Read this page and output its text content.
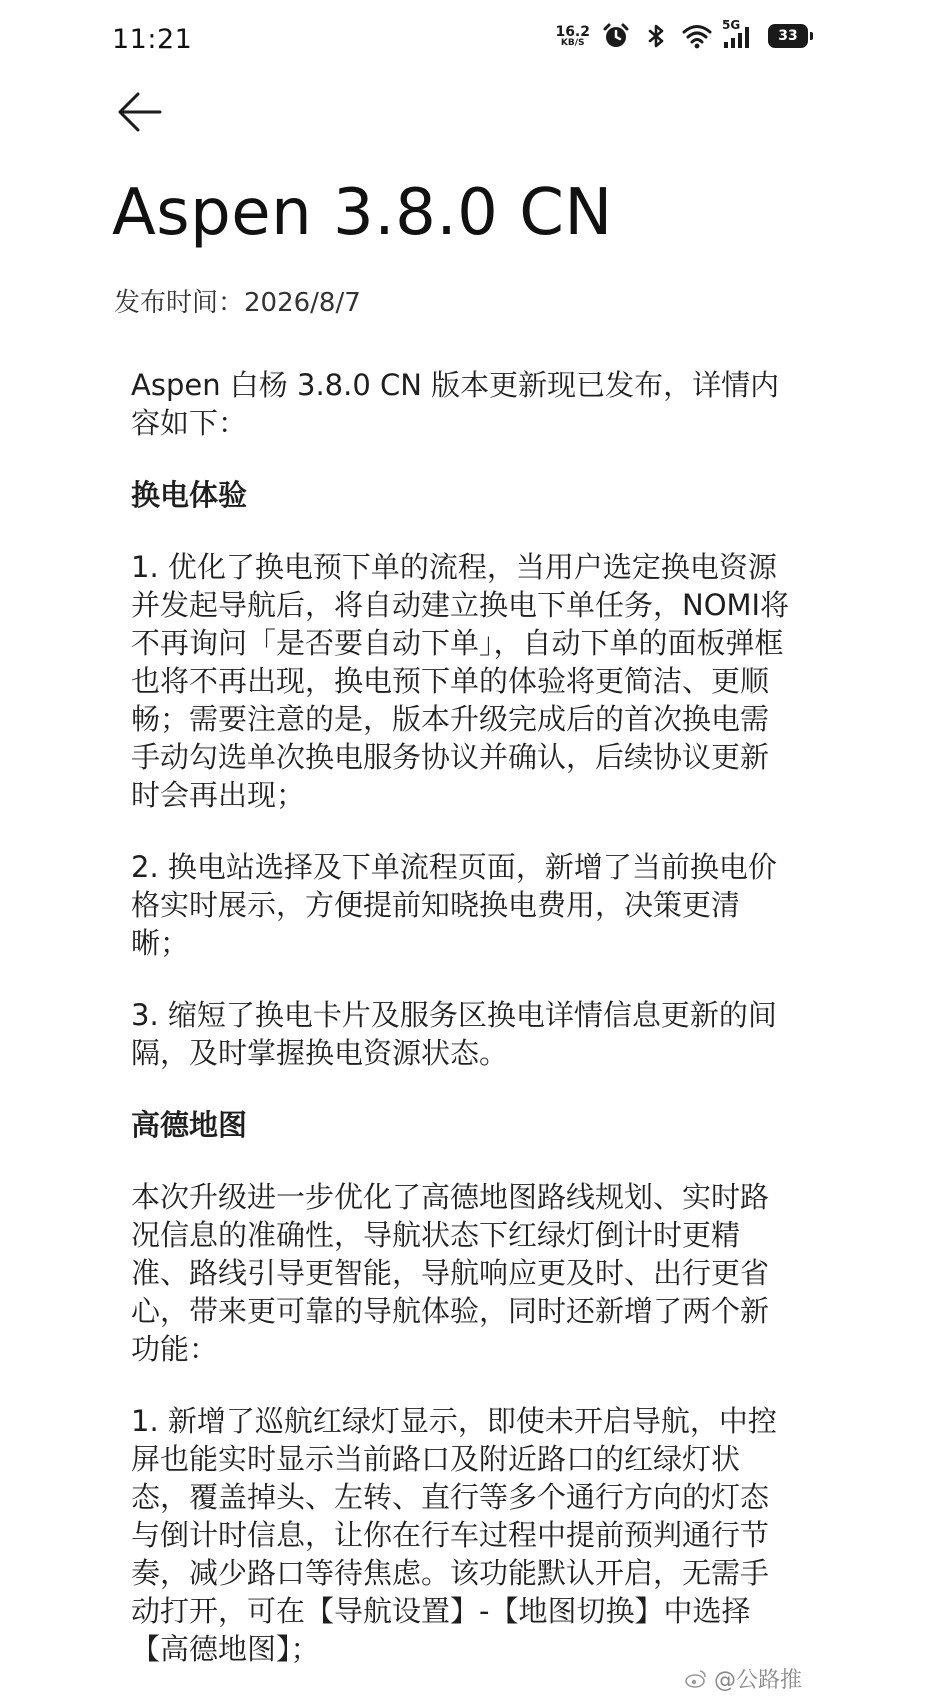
11:21	16.2
KB/S
5G
33
Aspen 3.8.0 CN
发布时间：2026/8/7

Aspen 白杨 3.8.0 CN 版本更新现已发布，详情内容如下：

换电体验

1. 优化了换电预下单的流程，当用户选定换电资源并发起导航后，将自动建立换电下单任务，NOMI将不再询问「是否要自动下单」，自动下单的面板弹框也将不再出现，换电预下单的体验将更简洁、更顺畅；需要注意的是，版本升级完成后的首次换电需手动勾选单次换电服务协议并确认，后续协议更新时会再出现；

2. 换电站选择及下单流程页面，新增了当前换电价格实时展示，方便提前知晓换电费用，决策更清晰；

3. 缩短了换电卡片及服务区换电详情信息更新的间隔，及时掌握换电资源状态。

高德地图

本次升级进一步优化了高德地图路线规划、实时路况信息的准确性，导航状态下红绿灯倒计时更精准、路线引导更智能，导航响应更及时、出行更省心，带来更可靠的导航体验，同时还新增了两个新功能：

1. 新增了巡航红绿灯显示，即使未开启导航，中控屏也能实时显示当前路口及附近路口的红绿灯状态，覆盖掉头、左转、直行等多个通行方向的灯态与倒计时信息，让你在行车过程中提前预判通行节奏，减少路口等待焦虑。该功能默认开启，无需手动打开，可在【导航设置】-【地图切换】中选择【高德地图】；

@公路推
